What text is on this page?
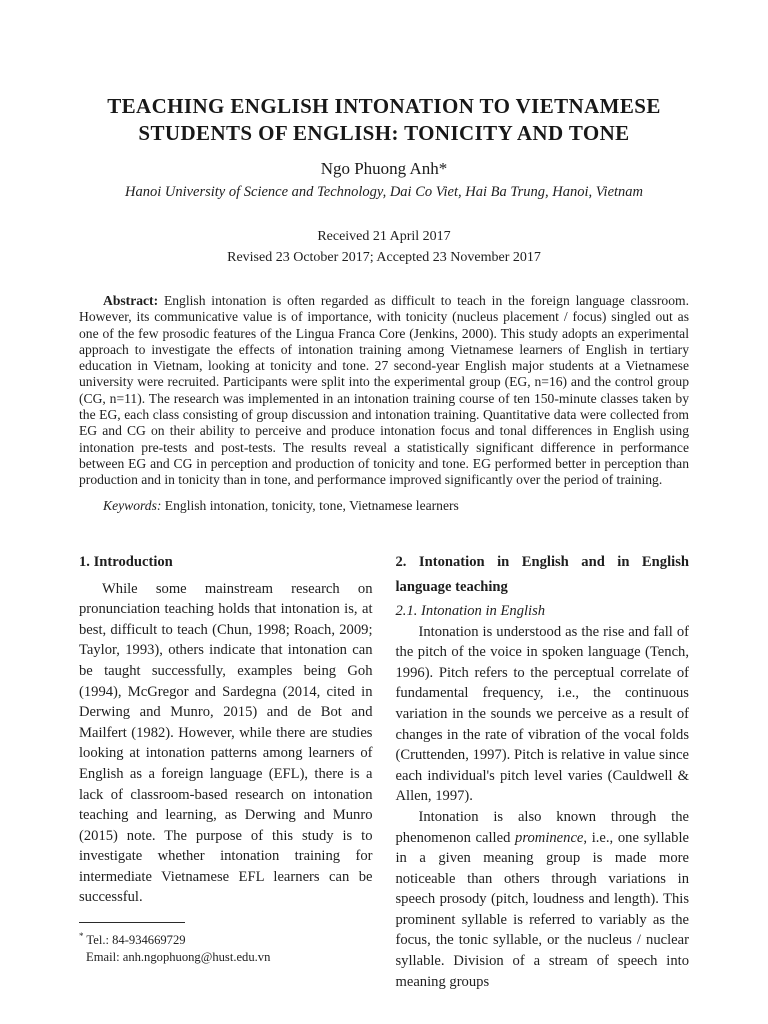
TEACHING ENGLISH INTONATION TO VIETNAMESE
STUDENTS OF ENGLISH: TONICITY AND TONE
Ngo Phuong Anh*
Hanoi University of Science and Technology, Dai Co Viet, Hai Ba Trung, Hanoi, Vietnam
Received 21 April 2017
Revised 23 October 2017; Accepted 23 November 2017
Abstract: English intonation is often regarded as difficult to teach in the foreign language classroom. However, its communicative value is of importance, with tonicity (nucleus placement / focus) singled out as one of the few prosodic features of the Lingua Franca Core (Jenkins, 2000). This study adopts an experimental approach to investigate the effects of intonation training among Vietnamese learners of English in tertiary education in Vietnam, looking at tonicity and tone. 27 second-year English major students at a Vietnamese university were recruited. Participants were split into the experimental group (EG, n=16) and the control group (CG, n=11). The research was implemented in an intonation training course of ten 150-minute classes taken by the EG, each class consisting of group discussion and intonation training. Quantitative data were collected from EG and CG on their ability to perceive and produce intonation focus and tonal differences in English using intonation pre-tests and post-tests. The results reveal a statistically significant difference in performance between EG and CG in perception and production of tonicity and tone. EG performed better in perception than production and in tonicity than in tone, and performance improved significantly over the period of training.
Keywords: English intonation, tonicity, tone, Vietnamese learners
1. Introduction

While some mainstream research on pronunciation teaching holds that intonation is, at best, difficult to teach (Chun, 1998; Roach, 2009; Taylor, 1993), others indicate that intonation can be taught successfully, examples being Goh (1994), McGregor and Sardegna (2014, cited in Derwing and Munro, 2015) and de Bot and Mailfert (1982). However, while there are studies looking at intonation patterns among learners of English as a foreign language (EFL), there is a lack of classroom-based research on intonation teaching and learning, as Derwing and Munro (2015) note. The purpose of this study is to investigate whether intonation training for intermediate Vietnamese EFL learners can be successful.

* Tel.: 84-934669729
Email: anh.ngophuong@hust.edu.vn
2. Intonation in English and in English language teaching
2.1. Intonation in English

Intonation is understood as the rise and fall of the pitch of the voice in spoken language (Tench, 1996). Pitch refers to the perceptual correlate of fundamental frequency, i.e., the continuous variation in the sounds we perceive as a result of changes in the rate of vibration of the vocal folds (Cruttenden, 1997). Pitch is relative in value since each individual's pitch level varies (Cauldwell & Allen, 1997).

Intonation is also known through the phenomenon called prominence, i.e., one syllable in a given meaning group is made more noticeable than others through variations in speech prosody (pitch, loudness and length). This prominent syllable is referred to variably as the focus, the tonic syllable, or the nucleus / nuclear syllable. Division of a stream of speech into meaning groups
